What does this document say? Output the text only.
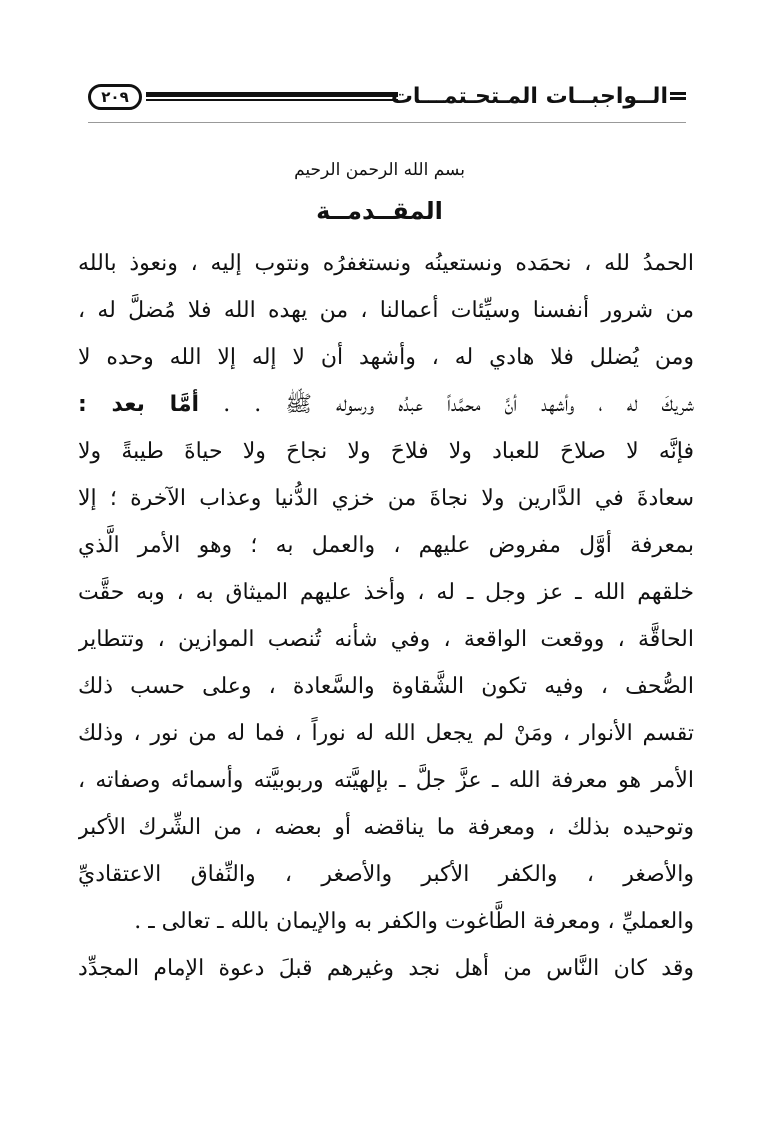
٢٠٩	الــواجبــات المـتحـتمـــات
بسم الله الرحمن الرحيم
المقــدمــة
الحمدُ لله ، نحمَده ونستعينُه ونستغفرُه ونتوب إليه ، ونعوذ بالله
من شرور أنفسنا وسيِّئات أعمالنا ، من يهده الله فلا مُضلَّ له ،
ومن يُضلل فلا هادي له ، وأشهد أن لا إله إلا الله وحده لا
شريكَ له ، وأشهد أنَّ محمَّداً عبدُه ورسوله ﷺ . . أمَّا بعد :
فإنَّه لا صلاحَ للعباد ولا فلاحَ ولا نجاحَ ولا حياةَ طيبةً ولا
سعادةَ في الدَّارين ولا نجاةَ من خزي الدُّنيا وعذاب الآخرة ؛ إلا
بمعرفة أوَّل مفروض عليهم ، والعمل به ؛ وهو الأمر الَّذي
خلقهم الله ـ عز وجل ـ له ، وأخذ عليهم الميثاق به ، وبه حقَّت
الحاقَّة ، ووقعت الواقعة ، وفي شأنه تُنصب الموازين ، وتتطاير
الصُّحف ، وفيه تكون الشَّقاوة والسَّعادة ، وعلى حسب ذلك
تقسم الأنوار ، ومَنْ لم يجعل الله له نوراً ، فما له من نور ، وذلك
الأمر هو معرفة الله ـ عزَّ جلَّ ـ بإلهيَّته وربوبيَّته وأسمائه وصفاته ،
وتوحيده بذلك ، ومعرفة ما يناقضه أو بعضه ، من الشِّرك الأكبر
والأصغر ، والكفر الأكبر والأصغر ، والنِّفاق الاعتقاديِّ
والعمليِّ ، ومعرفة الطَّاغوت والكفر به والإيمان بالله ـ تعالى ـ .
وقد كان النَّاس من أهل نجد وغيرهم قبلَ دعوة الإمام المجدِّد
